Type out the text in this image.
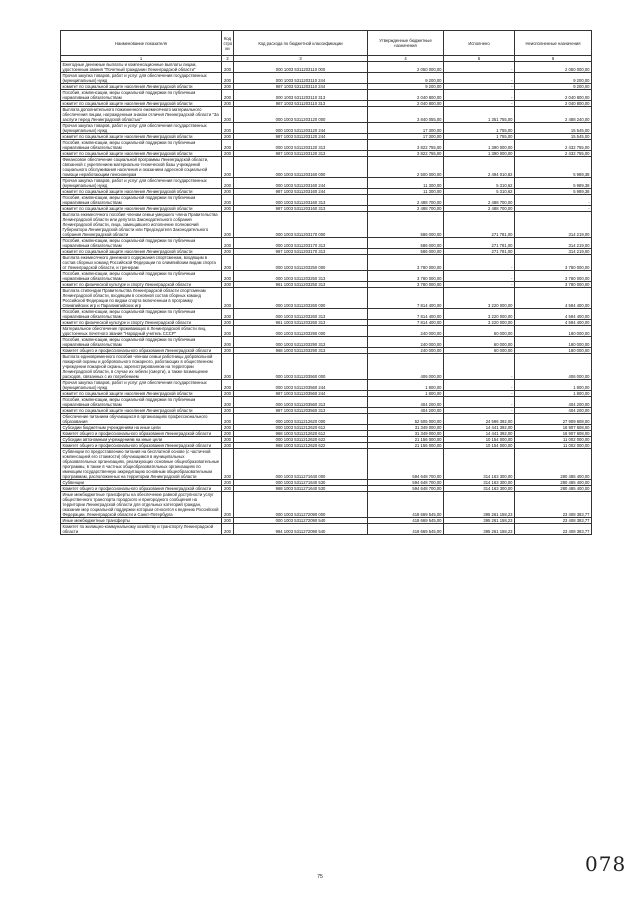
Наименование показателя	Код стро ки	Код расхода по бюджетной классификации	Утвержденные бюджетные назначения	Исполнено	Неисполненные назначения
1	2	3	4	5	6
Ежегодные денежные выплаты и компенсационные выплаты лицам, удостоенным звания "Почетный гражданин Ленинградской области"	200	000 1003 5311203110 000	2 050 000,00	-	2 050 000,00
Прочая закупка товаров, работ и услуг для обеспечения государственных (муниципальных) нужд	200	000 1003 5311203110 244	9 200,00	-	9 200,00
комитет по социальной защите населения Ленинградской области	200	987 1003 5311203110 244	9 200,00	-	9 200,00
Пособия, компенсации, меры социальной поддержки по публичным нормативным обязательствам	200	000 1003 5311203110 313	2 040 800,00	-	2 040 800,00
комитет по социальной защите населения Ленинградской области	200	987 1003 5311203110 313	2 040 800,00	-	2 040 800,00
Выплата дополнительного пожизненного ежемесячного материального обеспечения лицам, награжденным знаком отличия Ленинградской области "За заслуги перед Ленинградской областью"	200	000 1003 5311203120 000	3 840 055,00	1 351 755,00	2 488 240,00
Прочая закупка товаров, работ и услуг для обеспечения государственных (муниципальных) нужд	200	000 1003 5311203120 244	17 300,00	1 755,00	15 545,00
комитет по социальной защите населения Ленинградской области	200	987 1003 5311203120 244	17 300,00	1 755,00	15 545,00
Пособия, компенсации, меры социальной поддержки по публичным нормативным обязательствам	200	000 1003 5311203120 313	3 822 755,00	1 390 000,00	2 432 755,00
комитет по социальной защите населения Ленинградской области	200	987 1003 5311203120 313	3 822 755,00	1 390 000,00	2 432 755,00
Финансовое обеспечение социальной программы Ленинградской области, связанной с укреплением материально-технической базы учреждений социального обслуживания населения и оказанием адресной социальной помощи неработающим пенсионерам	200	000 1003 5311203160 000	2 500 000,00	2 494 010,82	5 989,38
Прочая закупка товаров, работ и услуг для обеспечения государственных (муниципальных) нужд	200	000 1003 5311203160 244	11 300,00	5 310,62	5 989,38
комитет по социальной защите населения Ленинградской области	200	987 1003 5311203160 244	11 300,00	5 310,62	5 989,38
Пособия, компенсации, меры социальной поддержки по публичным нормативным обязательствам	200	000 1003 5311203160 313	2 488 700,00	2 488 700,00	-
комитет по социальной защите населения Ленинградской области	200	987 1003 5311203160 313	2 488 700,00	2 488 700,00	-
Выплата ежемесячного пособия членам семьи умершего члена Правительства Ленинградской области или депутата Законодательного собрания Ленинградской области, лица, замещавшего исполнение полномочий Губернатора Ленинградской области или Председателя Законодательного собрания Ленинградской области	200	000 1003 5311203170 000	586 000,00	271 781,00	314 219,00
Пособия, компенсации, меры социальной поддержки по публичным нормативным обязательствам	200	000 1003 5311203170 313	586 000,00	271 781,00	314 219,00
комитет по социальной защите населения Ленинградской области	200	987 1003 5311203170 313	586 000,00	271 781,00	314 219,00
Выплата ежемесячного денежного содержания спортсменам, входящим в состав сборных команд Российской Федерации по олимпийским видам спорта от Ленинградской области, и тренерам	200	000 1003 5311203250 000	3 780 000,00	-	3 780 000,00
Пособия, компенсации, меры социальной поддержки по публичным нормативным обязательствам	200	000 1003 5311203250 313	3 780 000,00	-	3 780 000,00
комитет по физической культуре и спорту Ленинградской области	200	961 1003 5311203250 313	3 780 000,00	-	3 780 000,00
Выплата стипендии Правительства Ленинградской области спортсменам Ленинградской области, входящим в основной состав сборных команд Российской Федерации по видам спорта включенным в программу Олимпийских игр и Паралимпийских игр	200	000 1003 5311203260 000	7 814 400,00	3 220 000,00	4 594 400,00
Пособия, компенсации, меры социальной поддержки по публичным нормативным обязательствам	200	000 1003 5311203260 313	7 814 400,00	3 220 000,00	4 594 400,00
комитет по физической культуре и спорту Ленинградской области	200	961 1003 5311203260 313	7 814 400,00	3 220 000,00	4 594 400,00
Материальное обеспечение проживающих в Ленинградской области лиц, удостоенных почетного звания "Народный учитель СССР"	200	000 1003 5311203290 000	240 000,00	60 000,00	180 000,00
Пособия, компенсации, меры социальной поддержки по публичным нормативным обязательствам	200	000 1003 5311203290 313	240 000,00	60 000,00	180 000,00
Комитет общего и профессионального образования Ленинградской области	200	968 1003 5311203290 313	240 000,00	60 000,00	180 000,00
Выплата единовременного пособия членам семьи работницы добровольной пожарной охраны и добровольного пожарного, работающих в общественном учреждении пожарной охраны, зарегистрированном на территории Ленинградской области, в случае их гибели (смерти), а также возмещение расходов, связанных с их погребением	200	000 1003 5311203560 000	406 000,00	-	406 000,00
Прочая закупка товаров, работ и услуг для обеспечения государственных (муниципальных) нужд	200	000 1003 5311203560 244	1 800,00	-	1 800,00
комитет по социальной защите населения Ленинградской области	200	987 1003 5311203560 244	1 800,00	-	1 800,00
Пособия, компенсации, меры социальной поддержки по публичным нормативным обязательствам	200	000 1003 5311203560 313	404 200,00	-	404 200,00
комитет по социальной защите населения Ленинградской области	200	987 1003 5311203560 313	404 200,00	-	404 200,00
Обеспечение питанием обучающихся в организациях профессионального образования	200	000 1003 5311212620 000	52 505 000,00	24 596 392,00	27 909 608,00
Субсидии бюджетным учреждениям на иные цели	200	000 1003 5311212620 612	31 349 000,00	14 441 392,00	16 907 608,00
Комитет общего и профессионального образования Ленинградской области	200	968 1003 5311212620 612	31 349 000,00	14 441 392,00	16 907 608,00
Субсидии автономным учреждениям на иные цели	200	000 1003 5311212620 622	21 156 000,00	10 154 000,00	11 002 000,00
Комитет общего и профессионального образования Ленинградской области	200	968 1003 5311212620 622	21 156 000,00	10 154 000,00	11 002 000,00
Субвенции по предоставлению питания на бесплатной основе (с частичной компенсацией его стоимости) обучающимся в муниципальных образовательных организациях, реализующих основные общеобразовательные программы, в также в частных общеобразовательных организациях по имеющим государственную аккредитацию основным общеобразовательным программам, расположенных на территории Ленинградской области	200	000 1003 5311271640 000	594 648 700,00	314 163 300,00	280 485 400,00
Субвенции	200	000 1003 5311271640 530	594 648 700,00	314 163 300,00	280 485 400,00
Комитет общего и профессионального образования Ленинградской области	200	968 1003 5311271640 530	594 648 700,00	314 163 300,00	280 485 400,00
Иные межбюджетные трансферты на обеспечение равной доступности услуг общественного транспорта городского и пригородного сообщения на территории Ленинградской области для отдельных категорий граждан, оказание мер социальной поддержки которым относится к ведению Российской Федерации, Ленинградской области и Санкт-Петербурга	200	000 1003 5311272090 000	418 669 545,00	395 261 158,23	23 408 383,77
Иные межбюджетные трансферты	200	000 1003 5311272090 540	418 669 545,00	395 261 158,23	23 408 383,77
Комитет по жилищно-коммунальному хозяйству и транспорту Ленинградской области	200	984 1003 5311272090 540	418 669 545,00	395 261 158,23	23 408 383,77
75
078
